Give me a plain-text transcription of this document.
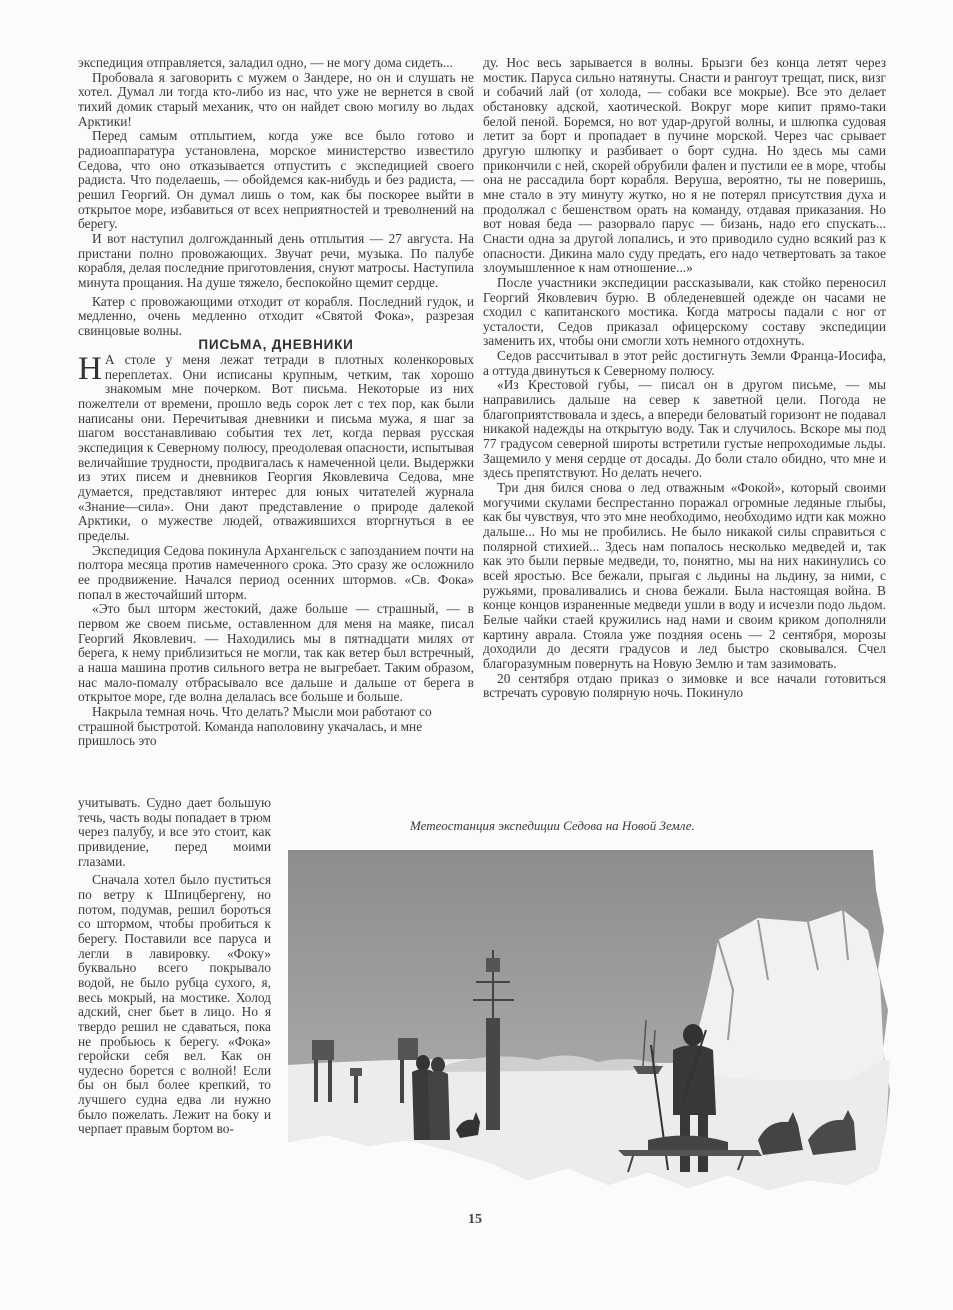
экспедиция отправляется, заладил одно, — не могу дома сидеть...

Пробовала я заговорить с мужем о Зандере, но он и слушать не хотел. Думал ли тогда кто-либо из нас, что уже не вернется в свой тихий домик старый механик, что он найдет свою могилу во льдах Арктики!

Перед самым отплытием, когда уже все было готово и радиоаппаратура установлена, морское министерство известило Седова, что оно отказывается отпустить с экспедицией своего радиста. Что поделаешь, — обойдемся как-нибудь и без радиста, — решил Георгий. Он думал лишь о том, как бы поскорее выйти в открытое море, избавиться от всех неприятностей и треволнений на берегу.

И вот наступил долгожданный день отплытия — 27 августа. На пристани полно провожающих. Звучат речи, музыка. По палубе корабля, делая последние приготовления, снуют матросы. Наступила минута прощания. На душе тяжело, беспокойно щемит сердце.

Катер с провожающими отходит от корабля. Последний гудок, и медленно, очень медленно отходит «Святой Фока», разрезая свинцовые волны.

ПИСЬМА, ДНЕВНИКИ

Н А столе у меня лежат тетради в плотных коленкоровых переплетах. Они исписаны крупным, четким, так хорошо знакомым мне почерком. Вот письма. Некоторые из них пожелтели от времени, прошло ведь сорок лет с тех пор, как были написаны они. Перечитывая дневники и письма мужа, я шаг за шагом восстанавливаю события тех лет, когда первая русская экспедиция к Северному полюсу, преодолевая опасности, испытывая величайшие трудности, продвигалась к намеченной цели. Выдержки из этих писем и дневников Георгия Яковлевича Седова, мне думается, представляют интерес для юных читателей журнала «Знание—сила». Они дают представление о природе далекой Арктики, о мужестве людей, отважившихся вторгнуться в ее пределы.

Экспедиция Седова покинула Архангельск с запозданием почти на полтора месяца против намеченного срока. Это сразу же осложнило ее продвижение. Начался период осенних штормов. «Св. Фока» попал в жесточайший шторм.

«Это был шторм жестокий, даже больше — страшный, — в первом же своем письме, оставленном для меня на маяке, писал Георгий Яковлевич. — Находились мы в пятнадцати милях от берега, к нему приблизиться не могли, так как ветер был встречный, а наша машина против сильного ветра не выгребает. Таким образом, нас мало-помалу отбрасывало все дальше и дальше от берега в открытое море, где волна делалась все больше и больше.

Накрыла темная ночь. Что делать? Мысли мои работают со страшной быстротой. Команда наполовину укачалась, и мне пришлось это

учитывать. Судно дает большую течь, часть воды попадает в трюм через палубу, и все это стоит, как привидение, перед моими глазами.

Сначала хотел было пуститься по ветру к Шпицбергену, но потом, подумав, решил бороться со штормом, чтобы пробиться к берегу. Поставили все паруса и легли в лавировку. «Фоку» буквально всего покрывало водой, не было рубца сухого, я, весь мокрый, на мостике. Холод адский, снег бьет в лицо. Но я твердо решил не сдаваться, пока не пробьюсь к берегу. «Фока» геройски себя вел. Как он чудесно борется с волной! Если бы он был более крепкий, то лучшего судна едва ли нужно было пожелать. Лежит на боку и черпает правым бортом во-

ду. Нос весь зарывается в волны. Брызги без конца летят через мостик. Паруса сильно натянуты. Снасти и рангоут трещат, писк, визг и собачий лай (от холода, — собаки все мокрые). Все это делает обстановку адской, хаотической. Вокруг море кипит прямо-таки белой пеной. Боремся, но вот удар-другой волны, и шлюпка судовая летит за борт и пропадает в пучине морской. Через час срывает другую шлюпку и разбивает о борт судна. Но здесь мы сами прикончили с ней, скорей обрубили фален и пустили ее в море, чтобы она не рассадила борт корабля. Веруша, вероятно, ты не поверишь, мне стало в эту минуту жутко, но я не потерял присутствия духа и продолжал с бешенством орать на команду, отдавая приказания. Но вот новая беда — разорвало парус — бизань, надо его спускать... Снасти одна за другой лопались, и это приводило судно всякий раз к опасности. Дикина мало суду предать, его надо четвертовать за такое злоумышленное к нам отношение...»

После участники экспедиции рассказывали, как стойко переносил Георгий Яковлевич бурю. В обледеневшей одежде он часами не сходил с капитанского мостика. Когда матросы падали с ног от усталости, Седов приказал офицерскому составу экспедиции заменить их, чтобы они смогли хоть немного отдохнуть.

Седов рассчитывал в этот рейс достигнуть Земли Франца-Иосифа, а оттуда двинуться к Северному полюсу.

«Из Крестовой губы, — писал он в другом письме, — мы направились дальше на север к заветной цели. Погода не благоприятствовала и здесь, а впереди беловатый горизонт не подавал никакой надежды на открытую воду. Так и случилось. Вскоре мы под 77 градусом северной широты встретили густые непроходимые льды. Защемило у меня сердце от досады. До боли стало обидно, что мне и здесь препятствуют. Но делать нечего.

Три дня бился снова о лед отважным «Фокой», который своими могучими скулами беспрестанно поражал огромные ледяные глыбы, как бы чувствуя, что это мне необходимо, необходимо идти как можно дальше... Но мы не пробились. Не было никакой силы справиться с полярной стихией... Здесь нам попалось несколько медведей и, так как это были первые медведи, то, понятно, мы на них накинулись со всей яростью. Все бежали, прыгая с льдины на льдину, за ними, с ружьями, проваливались и снова бежали. Была настоящая война. В конце концов израненные медведи ушли в воду и исчезли подо льдом. Белые чайки стаей кружились над нами и своим криком дополняли картину аврала. Стояла уже поздняя осень — 2 сентября, морозы доходили до десяти градусов и лед быстро сковывался. Счел благоразумным повернуть на Новую Землю и там зазимовать.

20 сентября отдаю приказ о зимовке и все начали готовиться встречать суровую полярную ночь. Покинуло

Метеостанция экспедиции Седова на Новой Земле.
15
